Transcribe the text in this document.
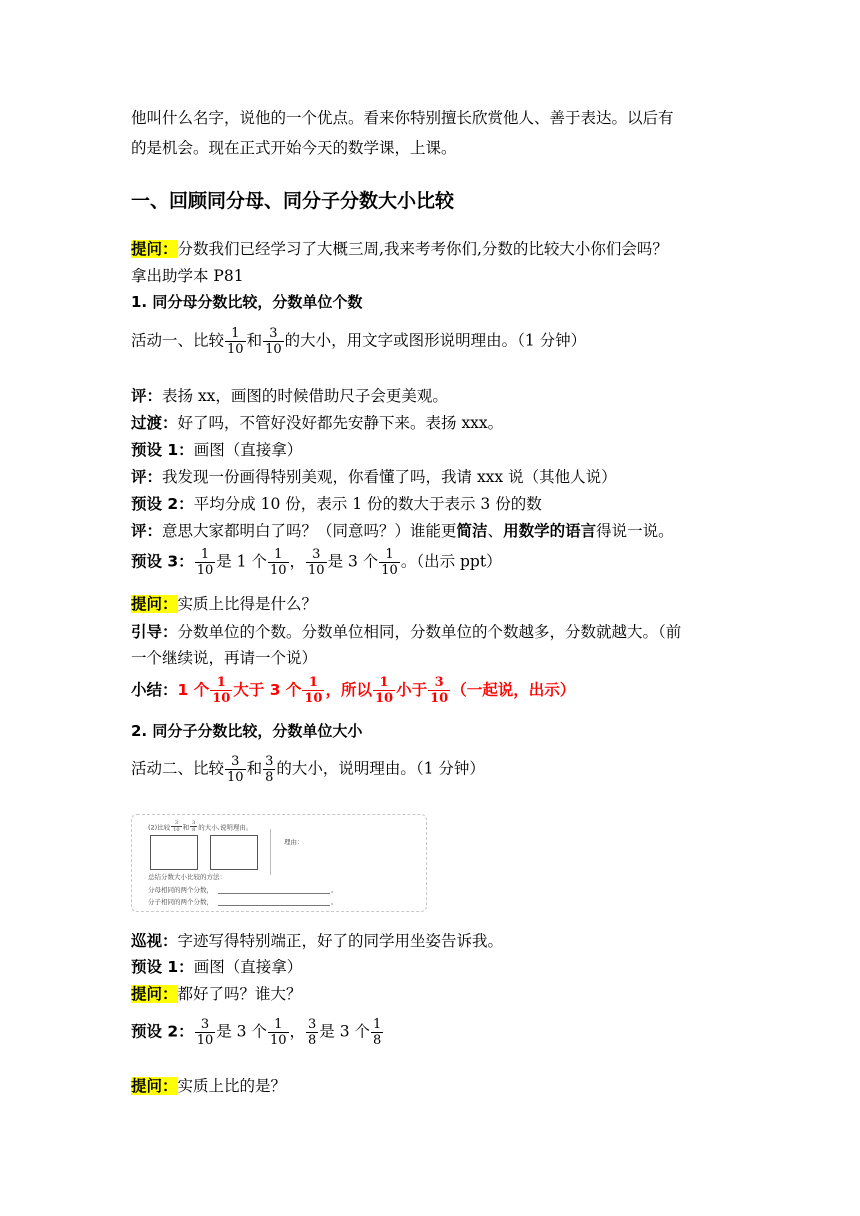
他叫什么名字，说他的一个优点。看来你特别擅长欣赏他人、善于表达。以后有
的是机会。现在正式开始今天的数学课，上课。
一、回顾同分母、同分子分数大小比较
提问：分数我们已经学习了大概三周,我来考考你们,分数的比较大小你们会吗？
拿出助学本 P81
1. 同分母分数比较，分数单位个数
活动一、比较 $\frac{1}{10}$ 和 $\frac{3}{10}$ 的大小，用文字或图形说明理由。（1 分钟）
评：表扬 xx，画图的时候借助尺子会更美观。
过渡：好了吗，不管好没好都先安静下来。表扬 xxx。
预设 1：画图（直接拿）
评：我发现一份画得特别美观，你看懂了吗，我请 xxx 说（其他人说）
预设 2：平均分成 10 份，表示 1 份的数大于表示 3 份的数
评：意思大家都明白了吗？（同意吗？）谁能更简洁、用数学的语言得说一说。
预设 3： $\frac{1}{10}$ 是 1 个 $\frac{1}{10}$ ， $\frac{3}{10}$ 是 3 个 $\frac{1}{10}$ 。（出示 ppt）
提问：实质上比得是什么？
引导：分数单位的个数。分数单位相同，分数单位的个数越多，分数就越大。（前
一个继续说，再请一个说）
小结：1 个 $\frac{1}{10}$ 大于 3 个 $\frac{1}{10}$ ，所以 $\frac{1}{10}$ 小于 $\frac{3}{10}$ （一起说，出示）
2. 同分子分数比较，分数单位大小
活动二、比较 $\frac{3}{10}$ 和 $\frac{3}{8}$ 的大小，说明理由。（1 分钟）
(2)比较 $\frac{3}{10}$ 和 $\frac{3}{8}$ 的大小,说明理由。
理由：
总结分数大小比较的方法：
分母相同的两个分数，	。
分子相同的两个分数，	。
巡视：字迹写得特别端正，好了的同学用坐姿告诉我。
预设 1：画图（直接拿）
提问：都好了吗？谁大？
预设 2： $\frac{3}{10}$ 是 3 个 $\frac{1}{10}$ ， $\frac{3}{8}$ 是 3 个 $\frac{1}{8}$
提问：实质上比的是？
